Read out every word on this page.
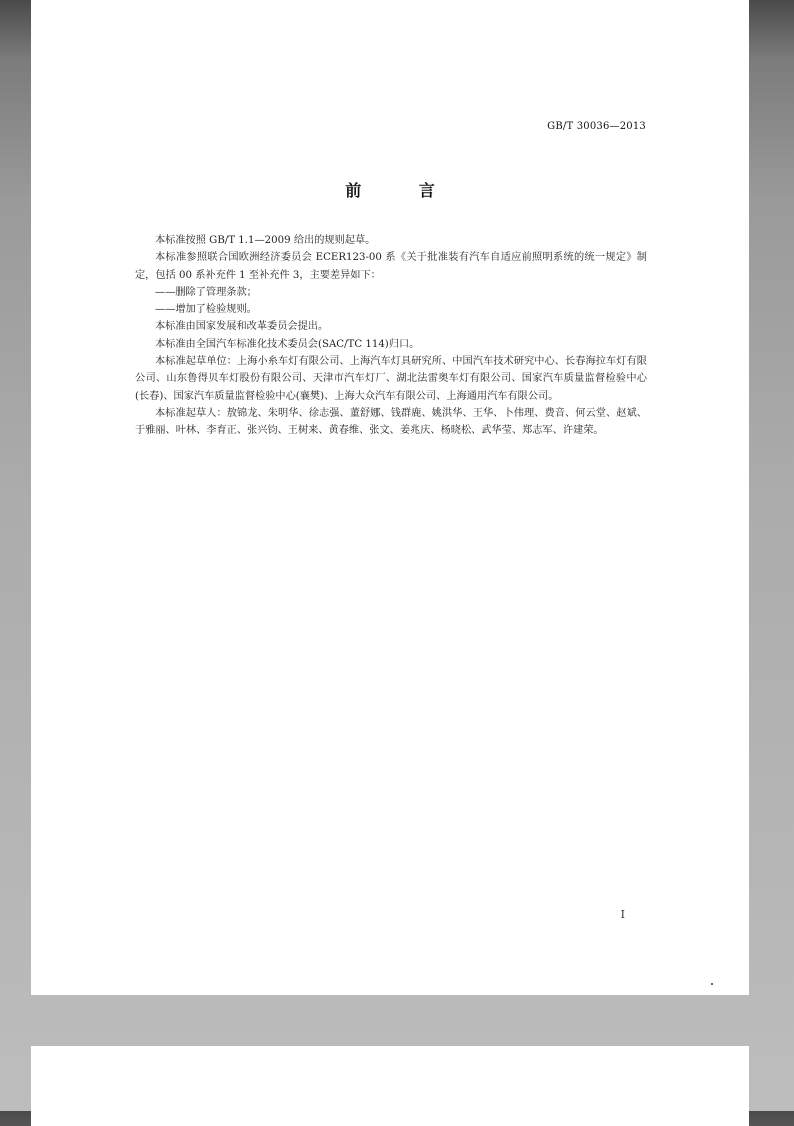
GB/T 30036—2013
前 言

本标准按照 GB/T 1.1—2009 给出的规则起草。

本标准参照联合国欧洲经济委员会 ECER123-00 系《关于批准装有汽车自适应前照明系统的统一规定》制定，包括 00 系补充件 1 至补充件 3，主要差异如下：

——删除了管理条款；

——增加了检验规则。

本标准由国家发展和改革委员会提出。

本标准由全国汽车标准化技术委员会(SAC/TC 114)归口。

本标准起草单位：上海小糸车灯有限公司、上海汽车灯具研究所、中国汽车技术研究中心、长春海拉车灯有限公司、山东鲁得贝车灯股份有限公司、天津市汽车灯厂、湖北法雷奥车灯有限公司、国家汽车质量监督检验中心(长春)、国家汽车质量监督检验中心(襄樊)、上海大众汽车有限公司、上海通用汽车有限公司。

本标准起草人：敖锦龙、朱明华、徐志强、董舒娜、钱群鹿、姚洪华、王华、卜伟理、费音、何云堂、赵斌、于雅丽、叶林、李育正、张兴钧、王树来、黄春维、张文、姜兆庆、杨晓松、武华莹、郑志军、许建荣。

I
